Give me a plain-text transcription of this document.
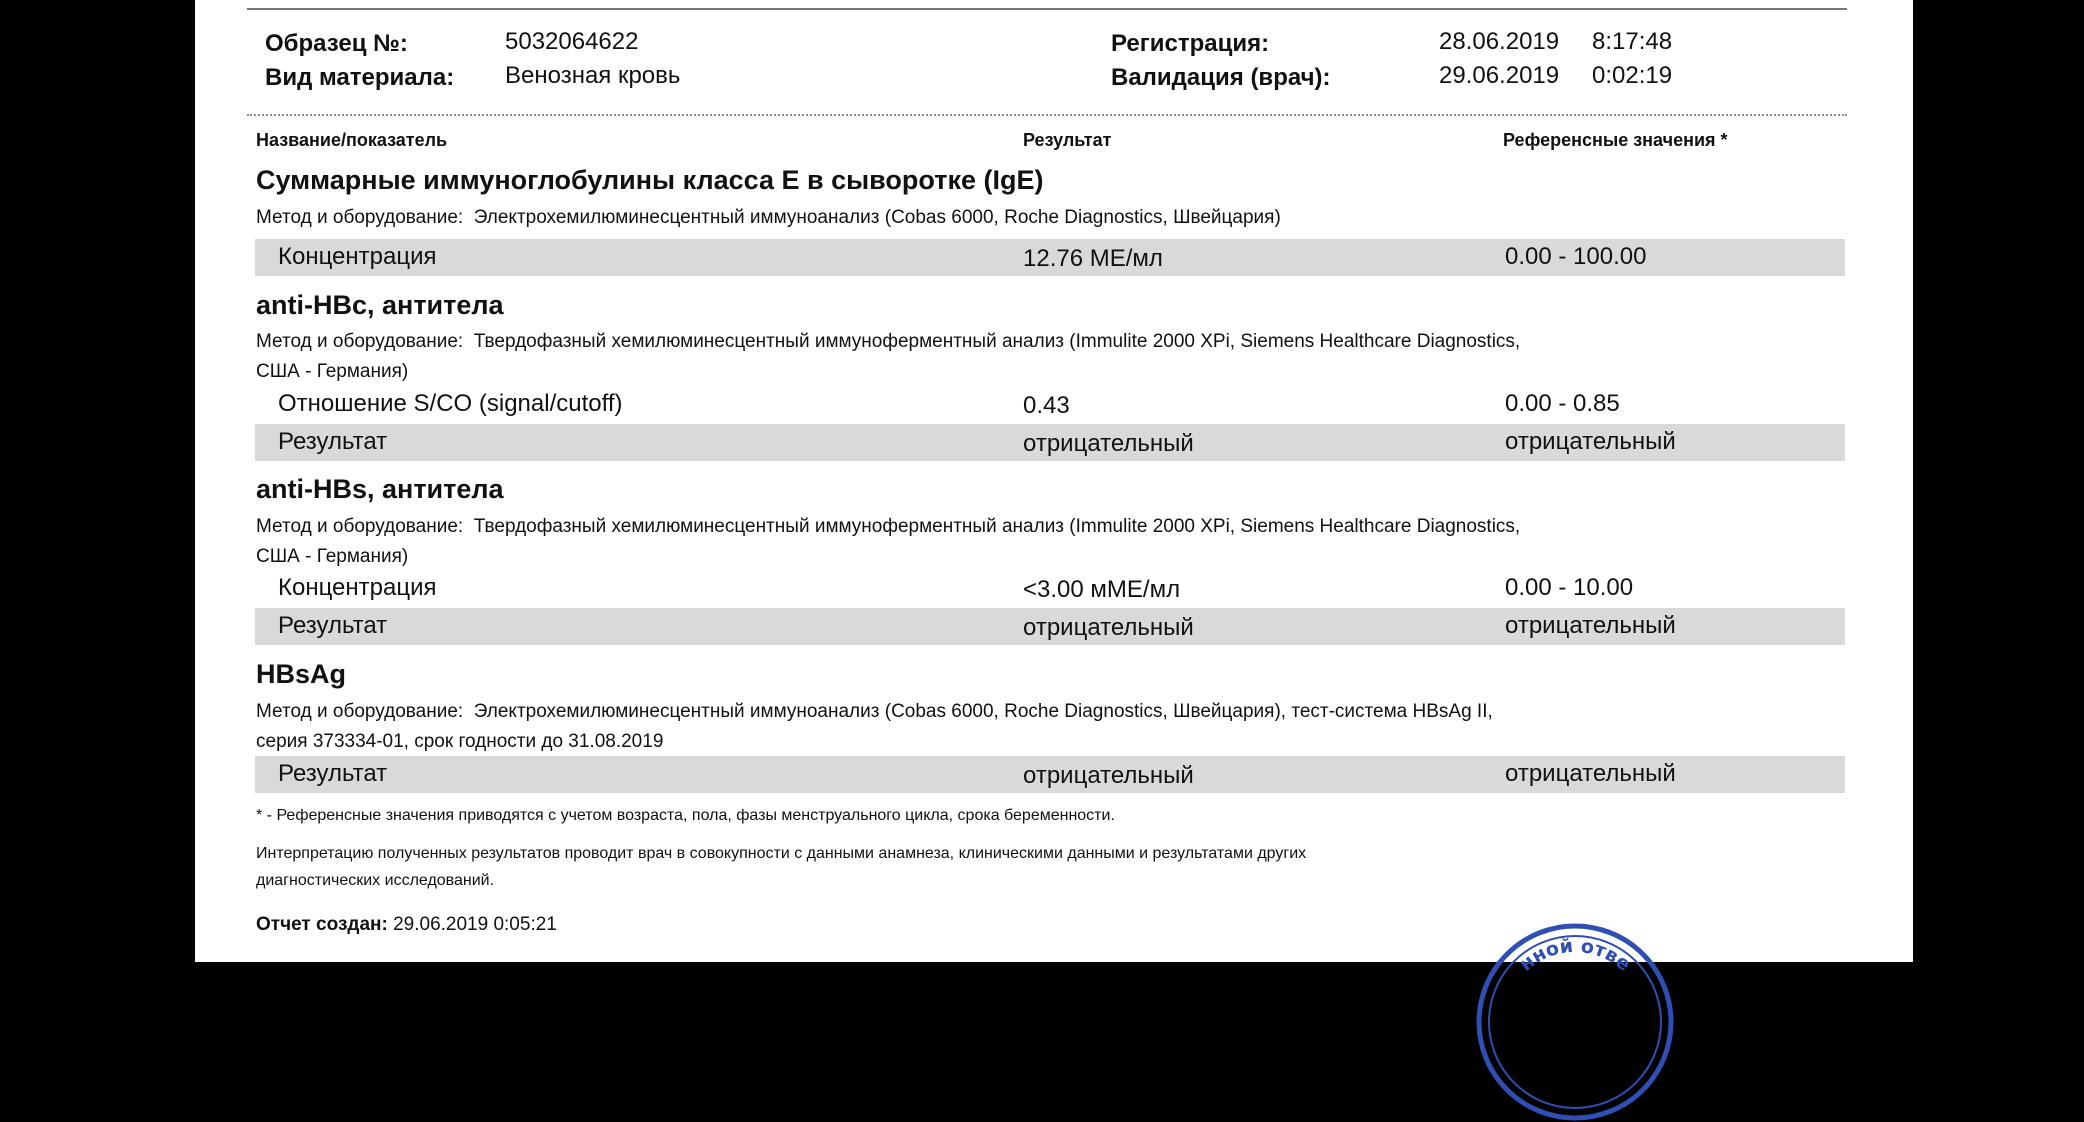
Образец №:	5032064622
Вид материала: Венозная кровь
Регистрация:	28.06.2019 8:17:48
Валидация (врач):	29.06.2019 0:02:19
Название/показатель	Результат	Референсные значения *
Суммарные иммуноглобулины класса E в сыворотке (IgE)
Метод и оборудование: Электрохемилюминесцентный иммуноанализ (Cobas 6000, Roche Diagnostics, Швейцария)
Концентрация	12.76 МЕ/мл	0.00 - 100.00
anti-HBc, антитела
Метод и оборудование: Твердофазный хемилюминесцентный иммуноферментный анализ (Immulite 2000 XPi, Siemens Healthcare Diagnostics,
США - Германия)
Отношение S/CO (signal/cutoff)	0.43	0.00 - 0.85
Результат	отрицательный	отрицательный
anti-HBs, антитела
Метод и оборудование: Твердофазный хемилюминесцентный иммуноферментный анализ (Immulite 2000 XPi, Siemens Healthcare Diagnostics,
США - Германия)
Концентрация	<3.00 мМЕ/мл	0.00 - 10.00
Результат	отрицательный	отрицательный
HBsAg
Метод и оборудование: Электрохемилюминесцентный иммуноанализ (Cobas 6000, Roche Diagnostics, Швейцария), тест-система HBsAg II,
серия 373334-01, срок годности до 31.08.2019
Результат	отрицательный	отрицательный
* - Референсные значения приводятся с учетом возраста, пола, фазы менструального цикла, срока беременности.
Интерпретацию полученных результатов проводит врач в совокупности с данными анамнеза, клиническими данными и результатами других
диагностических исследований.
Отчет создан: 29.06.2019 0:05:21
нной отве
